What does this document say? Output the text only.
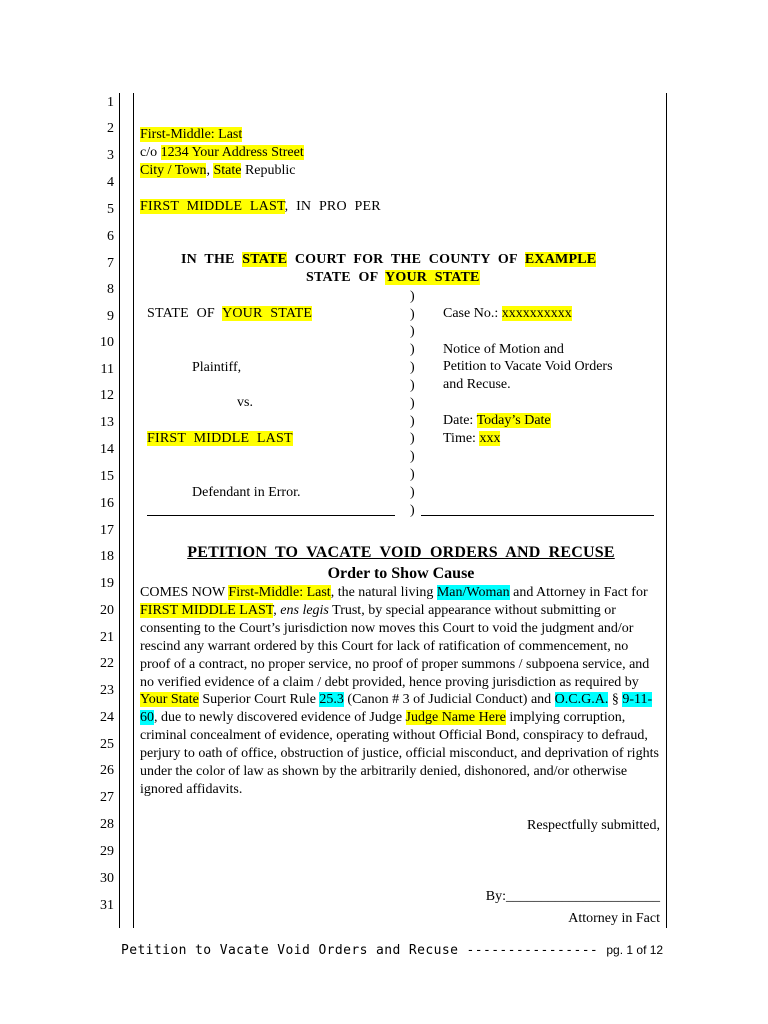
1
2
3
4
5
6
7
8
9
10
11
12
13
14
15
16
17
18
19
20
21
22
23
24
25
26
27
28
29
30
31
First-Middle: Last
c/o 1234 Your Address Street
City / Town, State Republic
FIRST MIDDLE LAST, IN PRO PER
IN THE STATE COURT FOR THE COUNTY OF EXAMPLE
STATE OF YOUR STATE
STATE OF YOUR STATE
Plaintiff,
vs.
FIRST MIDDLE LAST
Defendant in Error.
)
)
)
)
)
)
)
)
)
)
)
)
)
Case No.: xxxxxxxxxx
Notice of Motion and
Petition to Vacate Void Orders
and Recuse.
Date: Today’s Date
Time: xxx
PETITION TO VACATE VOID ORDERS AND RECUSE
Order to Show Cause
COMES NOW First-Middle: Last, the natural living Man/Woman and Attorney in Fact for FIRST MIDDLE LAST, ens legis Trust, by special appearance without submitting or consenting to the Court’s jurisdiction now moves this Court to void the judgment and/or rescind any warrant ordered by this Court for lack of ratification of commencement, no proof of a contract, no proper service, no proof of proper summons / subpoena service, and no verified evidence of a claim / debt provided, hence proving jurisdiction as required by Your State Superior Court Rule 25.3 (Canon # 3 of Judicial Conduct) and O.C.G.A. § 9-11-60, due to newly discovered evidence of Judge Judge Name Here implying corruption, criminal concealment of evidence, operating without Official Bond, conspiracy to defraud, perjury to oath of office, obstruction of justice, official misconduct, and deprivation of rights under the color of law as shown by the arbitrarily denied, dishonored, and/or otherwise ignored affidavits.
Respectfully submitted,
By:______________________
Attorney in Fact
Petition to Vacate Void Orders and Recuse ---------------- pg. 1 of 12
